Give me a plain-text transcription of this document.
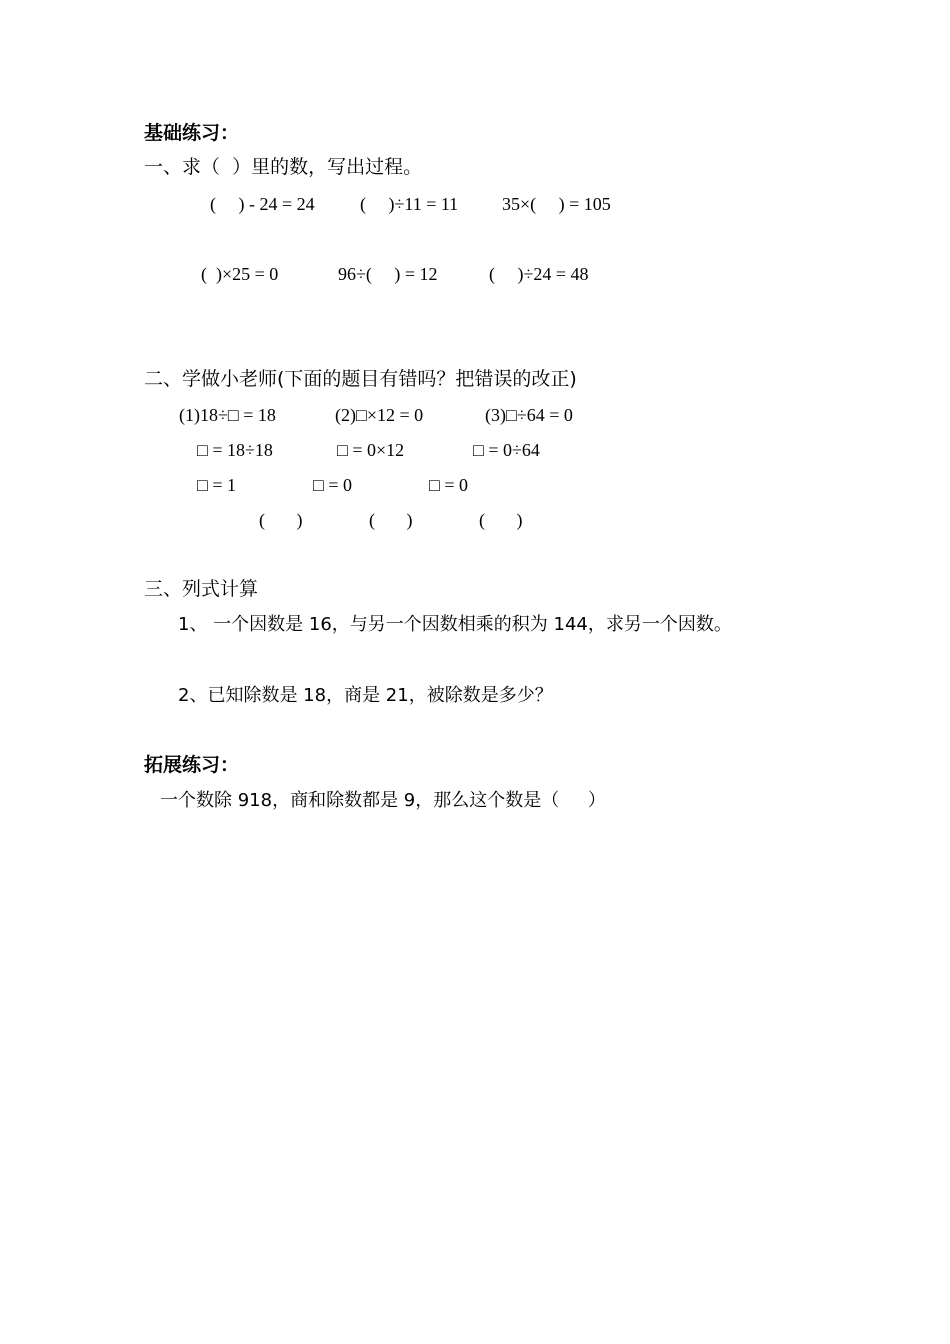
基础练习：
一、求（  ）里的数，写出过程。
(     ) - 24 = 24	(     )÷11 = 11 35×(     ) = 105
(  )×25 = 0	96÷(     ) = 12	(     )÷24 = 48
二、学做小老师(下面的题目有错吗？把错误的改正)
(1)18÷□ = 18	(2)□×12 = 0	(3)□÷64 = 0
□ = 18÷18	□ = 0×12	□ = 0÷64
□ = 1	□ = 0	□ = 0
(       )	(       )	(       )
三、列式计算
1、 一个因数是 16，与另一个因数相乘的积为 144，求另一个因数。
2、已知除数是 18，商是 21，被除数是多少？
拓展练习：
一个数除 918，商和除数都是 9，那么这个数是（     ）
